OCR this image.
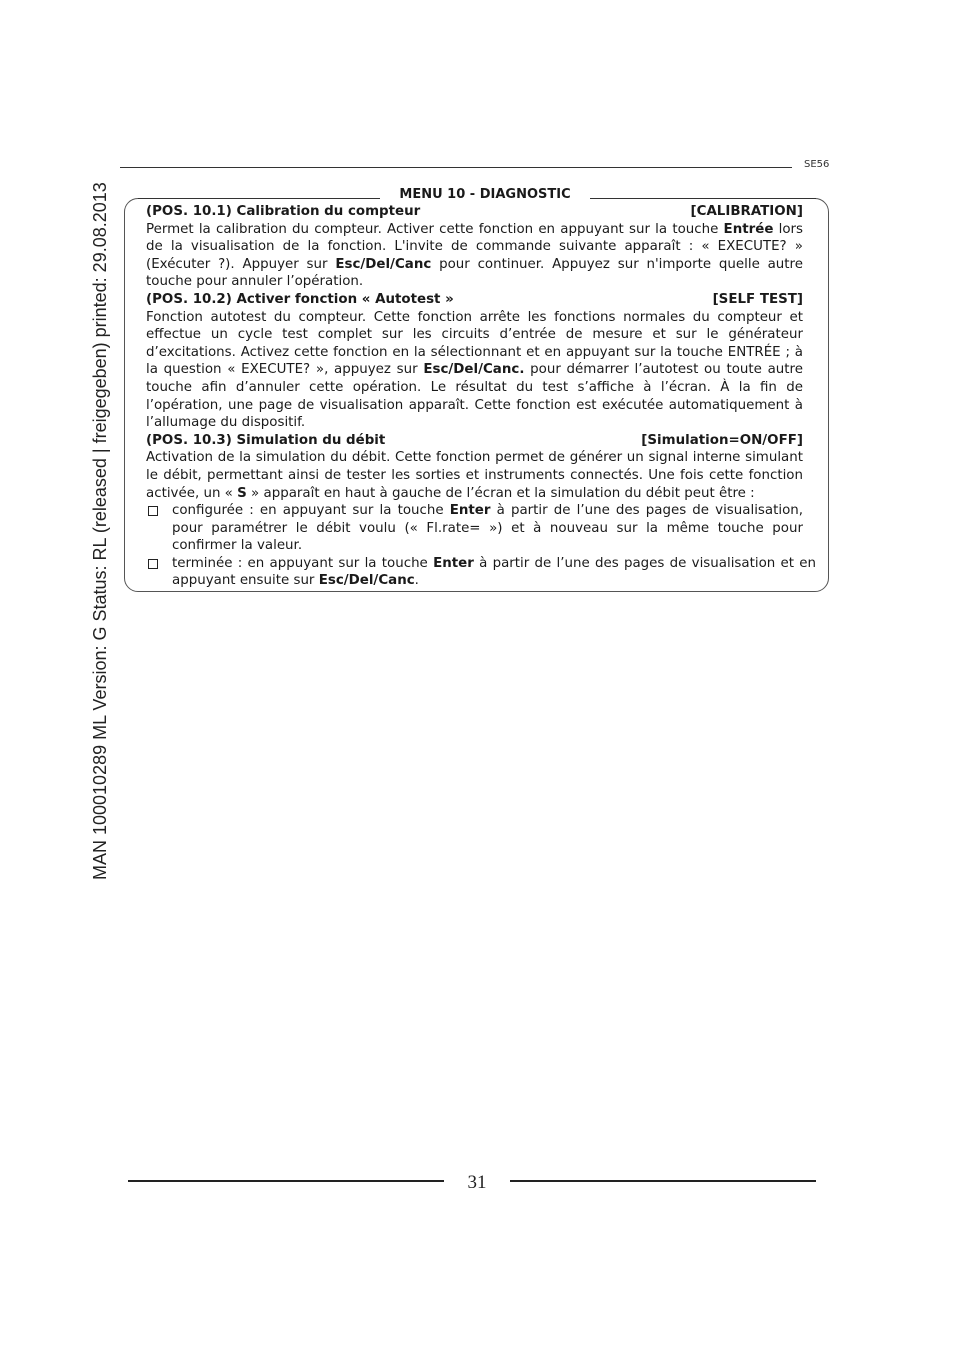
MAN 100010289 ML Version: G Status: RL (released | freigegeben) printed: 29.08.2013
SE56
MENU 10 - DIAGNOSTIC
(POS. 10.1) Calibration du compteur	[CALIBRATION]

Permet la calibration du compteur. Activer cette fonction en appuyant sur la touche Entrée lors de la visualisation de la fonction. L'invite de commande suivante apparaît : « EXECUTE? » (Exécuter ?). Appuyer sur Esc/Del/Canc pour continuer. Appuyez sur n'importe quelle autre touche pour annuler l’opération.

(POS. 10.2) Activer fonction « Autotest »	[SELF TEST]

Fonction autotest du compteur. Cette fonction arrête les fonctions normales du compteur et effectue un cycle test complet sur les circuits d’entrée de mesure et sur le générateur d’excitations. Activez cette fonction en la sélectionnant et en appuyant sur la touche ENTRÉE ; à la question « EXECUTE? », appuyez sur Esc/Del/Canc. pour démarrer l’autotest ou toute autre touche afin d’annuler cette opération. Le résultat du test s’affiche à l’écran. À la fin de l’opération, une page de visualisation apparaît. Cette fonction est exécutée automatiquement à l’allumage du dispositif.

(POS. 10.3) Simulation du débit	[Simulation=ON/OFF]

Activation de la simulation du débit. Cette fonction permet de générer un signal interne simulant le débit, permettant ainsi de tester les sorties et instruments connectés. Une fois cette fonction activée, un « S » apparaît en haut à gauche de l’écran et la simulation du débit peut être :

configurée : en appuyant sur la touche Enter à partir de l’une des pages de visualisation, pour paramétrer le débit voulu (« Fl.rate= ») et à nouveau sur la même touche pour confirmer la valeur.
terminée : en appuyant sur la touche Enter à partir de l’une des pages de visualisation et en appuyant ensuite sur Esc/Del/Canc.
31
